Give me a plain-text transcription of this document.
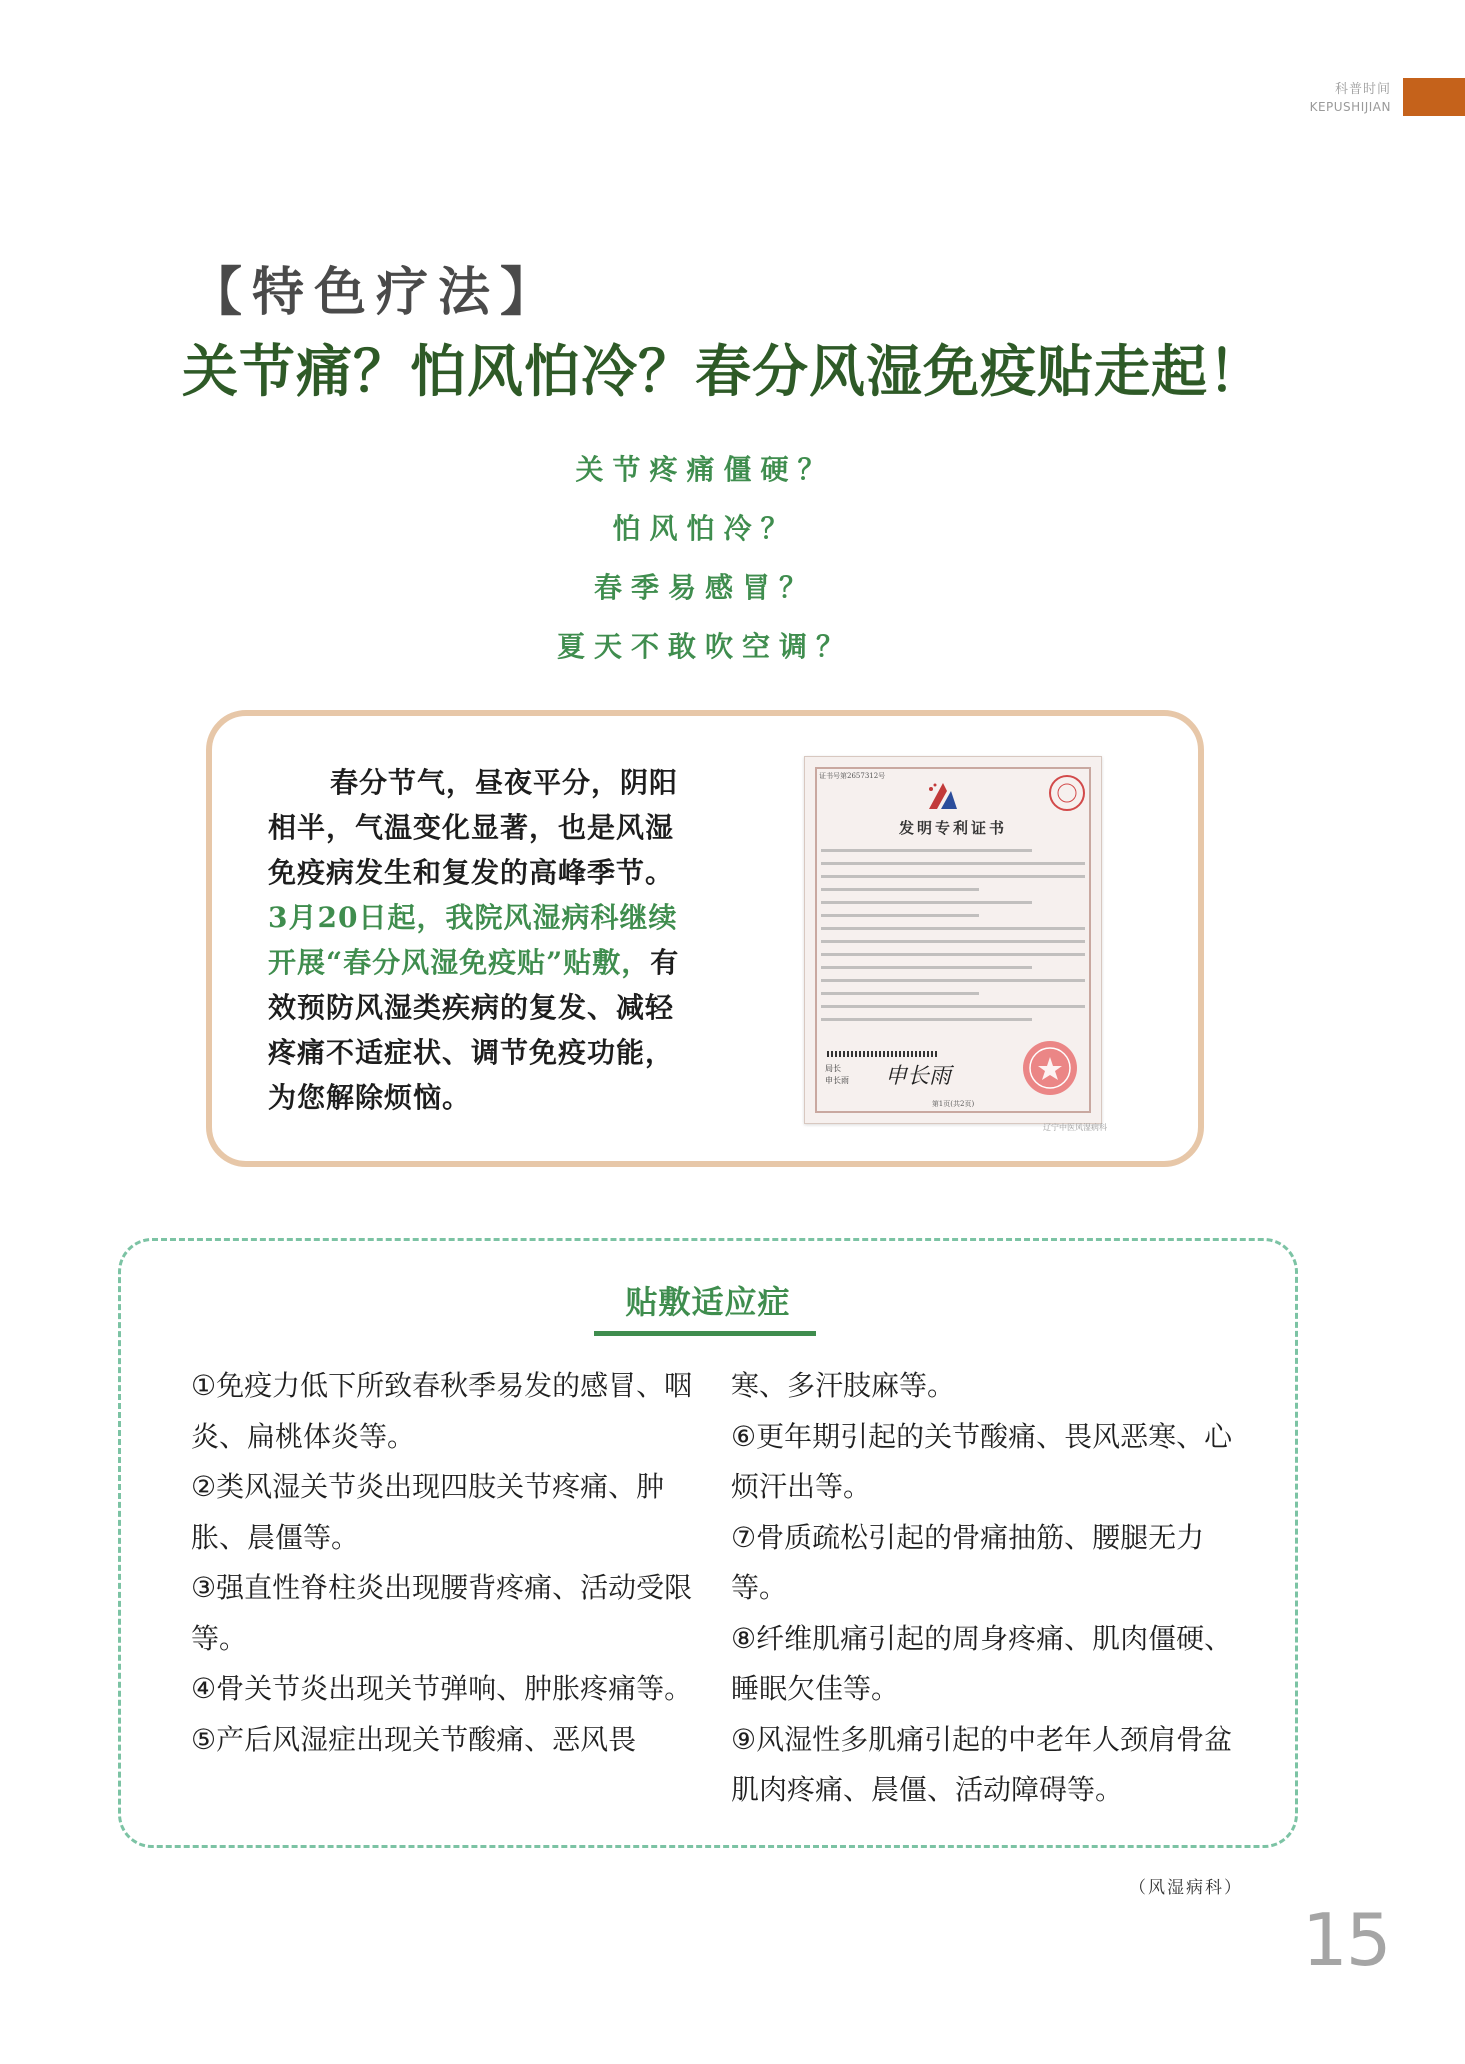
科普时间
KEPUSHIJIAN
【特色疗法】
关节痛？怕风怕冷？春分风湿免疫贴走起！
关节疼痛僵硬？
怕风怕冷？
春季易感冒？
夏天不敢吹空调？
春分节气，昼夜平分，阴阳相半，气温变化显著，也是风湿免疫病发生和复发的高峰季节。3月20日起，我院风湿病科继续开展“春分风湿免疫贴”贴敷，有效预防风湿类疾病的复发、减轻疼痛不适症状、调节免疫功能，为您解除烦恼。
证书号第2657312号
发明专利证书
局长
申长雨 申长雨
第1页(共2页)
辽宁中医风湿病科
贴敷适应症

①免疫力低下所致春秋季易发的感冒、咽炎、扁桃体炎等。

②类风湿关节炎出现四肢关节疼痛、肿胀、晨僵等。

③强直性脊柱炎出现腰背疼痛、活动受限等。

④骨关节炎出现关节弹响、肿胀疼痛等。

⑤产后风湿症出现关节酸痛、恶风畏

寒、多汗肢麻等。

⑥更年期引起的关节酸痛、畏风恶寒、心烦汗出等。

⑦骨质疏松引起的骨痛抽筋、腰腿无力等。

⑧纤维肌痛引起的周身疼痛、肌肉僵硬、睡眠欠佳等。

⑨风湿性多肌痛引起的中老年人颈肩骨盆肌肉疼痛、晨僵、活动障碍等。

（风湿病科）
15
